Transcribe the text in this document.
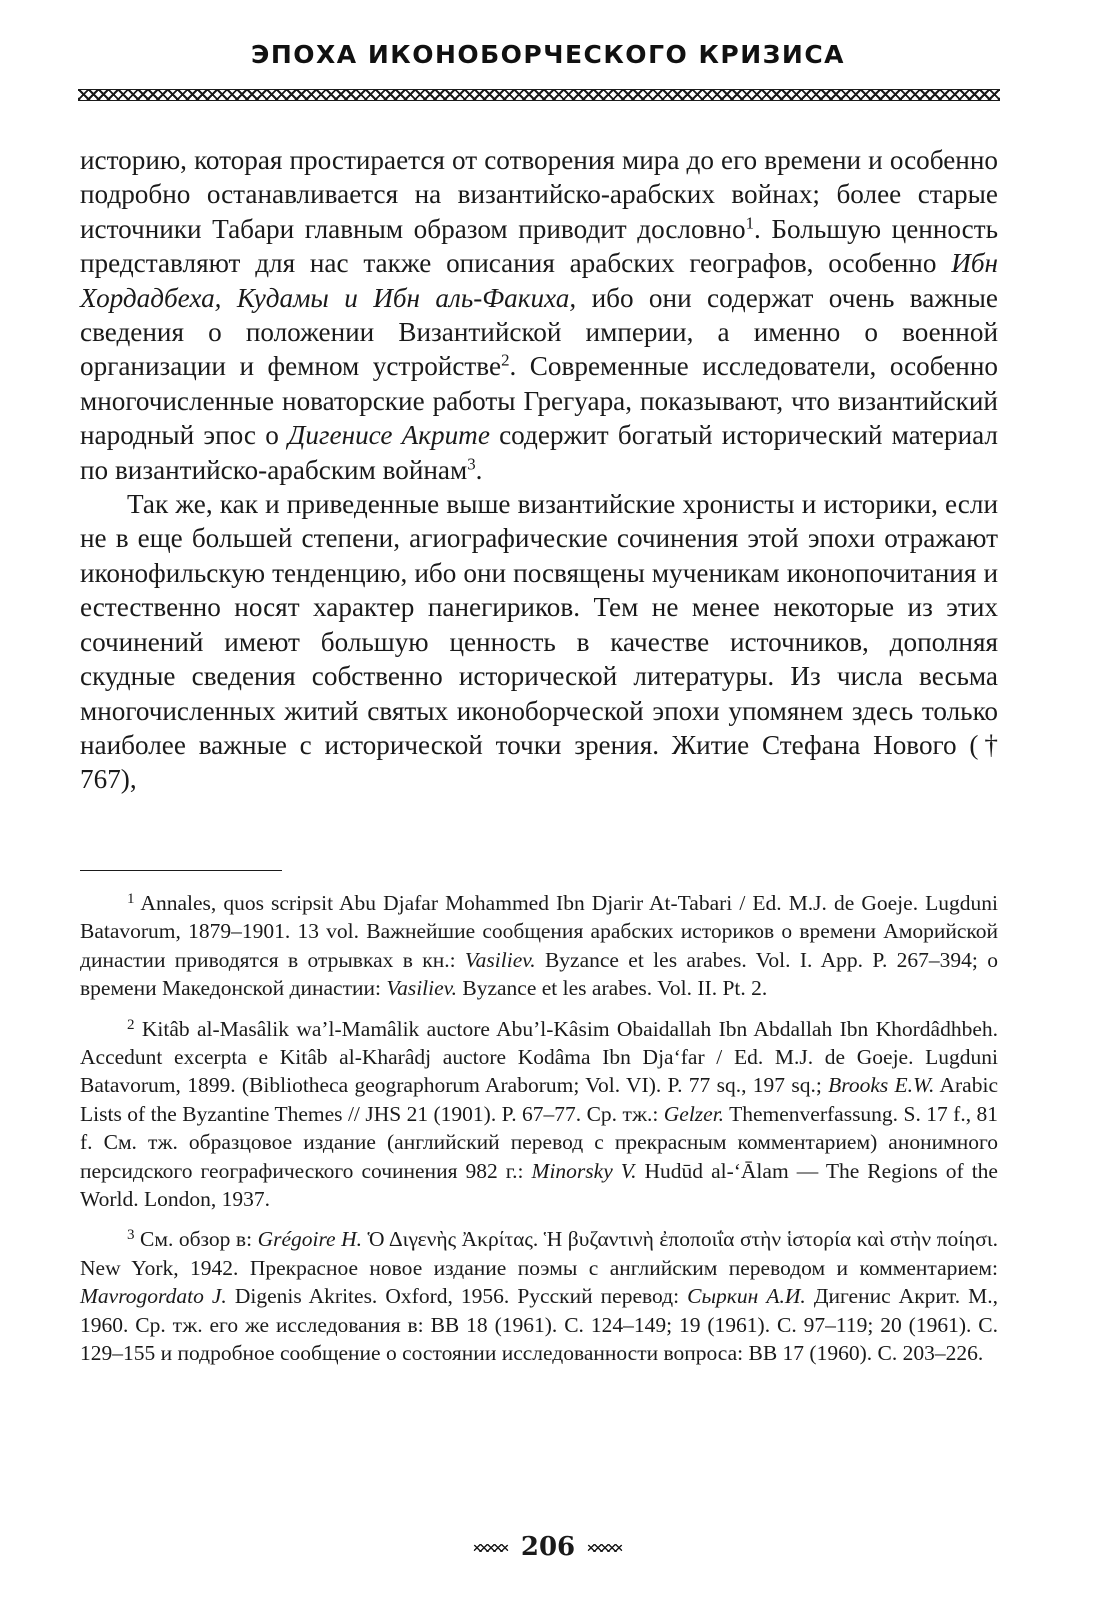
ЭПОХА ИКОНОБОРЧЕСКОГО КРИЗИСА

историю, которая простирается от сотворения мира до его времени и особенно подробно останавливается на византийско-арабских войнах; более старые источники Табари главным образом приводит дословно$^1$. Большую ценность представляют для нас также описания арабских географов, особенно Ибн Хордадбеха, Кудамы и Ибн аль-Факиха, ибо они содержат очень важные сведения о положении Византийской империи, а именно о военной организации и фемном устройстве$^2$. Современные исследователи, особенно многочисленные новаторские работы Грегуара, показывают, что византийский народный эпос о Дигенисе Акрите содержит богатый исторический материал по византийско-арабским войнам$^3$.

Так же, как и приведенные выше византийские хронисты и историки, если не в еще большей степени, агиографические сочинения этой эпохи отражают иконофильскую тенденцию, ибо они посвящены мученикам иконопочитания и естественно носят характер панегириков. Тем не менее некоторые из этих сочинений имеют большую ценность в качестве источников, дополняя скудные сведения собственно исторической литературы. Из числа весьма многочисленных житий святых иконоборческой эпохи упомянем здесь только наиболее важные с исторической точки зрения. Житие Стефана Нового († 767),

$^1$ Annales, quos scripsit Abu Djafar Mohammed Ibn Djarir At-Tabari / Ed. M.J. de Goeje. Lugduni Batavorum, 1879–1901. 13 vol. Важнейшие сообщения арабских историков о времени Аморийской династии приводятся в отрывках в кн.: Vasiliev. Byzance et les arabes. Vol. I. App. P. 267–394; о времени Македонской династии: Vasiliev. Byzance et les arabes. Vol. II. Pt. 2.

$^2$ Kitâb al-Masâlik wa’l-Mamâlik auctore Abu’l-Kâsim Obaidallah Ibn Abdallah Ibn Khordâdhbeh. Accedunt excerpta e Kitâb al-Kharâdj auctore Kodâma Ibn Dja‘far / Ed. M.J. de Goeje. Lugduni Batavorum, 1899. (Bibliotheca geographorum Araborum; Vol. VI). P. 77 sq., 197 sq.; Brooks E.W. Arabic Lists of the Byzantine Themes // JHS 21 (1901). P. 67–77. Ср. тж.: Gelzer. Themenverfassung. S. 17 f., 81 f. См. тж. образцовое издание (английский перевод с прекрасным комментарием) анонимного персидского географического сочинения 982 г.: Minorsky V. Hudūd al-‘Ālam — The Regions of the World. London, 1937.

$^3$ См. обзор в: Grégoire H. Ὁ Διγενὴς Ἀκρίτας. Ἡ βυζαντινὴ ἐποποιΐα στὴν ἱστορία καὶ στὴν ποίησι. New York, 1942. Прекрасное новое издание поэмы с английским переводом и комментарием: Mavrogordato J. Digenis Akrites. Oxford, 1956. Русский перевод: Сыркин А.И. Дигенис Акрит. М., 1960. Ср. тж. его же исследования в: BB 18 (1961). С. 124–149; 19 (1961). С. 97–119; 20 (1961). С. 129–155 и подробное сообщение о состоянии исследованности вопроса: BB 17 (1960). С. 203–226.

206
